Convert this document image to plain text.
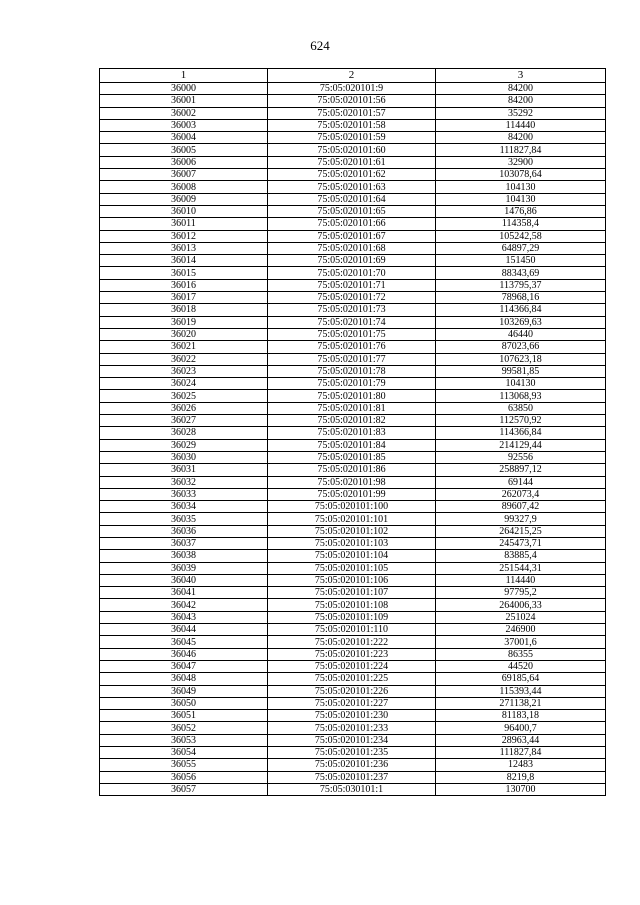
624
1	2	3
36000	75:05:020101:9	84200
36001	75:05:020101:56	84200
36002	75:05:020101:57	35292
36003	75:05:020101:58	114440
36004	75:05:020101:59	84200
36005	75:05:020101:60	111827,84
36006	75:05:020101:61	32900
36007	75:05:020101:62	103078,64
36008	75:05:020101:63	104130
36009	75:05:020101:64	104130
36010	75:05:020101:65	1476,86
36011	75:05:020101:66	114358,4
36012	75:05:020101:67	105242,58
36013	75:05:020101:68	64897,29
36014	75:05:020101:69	151450
36015	75:05:020101:70	88343,69
36016	75:05:020101:71	113795,37
36017	75:05:020101:72	78968,16
36018	75:05:020101:73	114366,84
36019	75:05:020101:74	103269,63
36020	75:05:020101:75	46440
36021	75:05:020101:76	87023,66
36022	75:05:020101:77	107623,18
36023	75:05:020101:78	99581,85
36024	75:05:020101:79	104130
36025	75:05:020101:80	113068,93
36026	75:05:020101:81	63850
36027	75:05:020101:82	112570,92
36028	75:05:020101:83	114366,84
36029	75:05:020101:84	214129,44
36030	75:05:020101:85	92556
36031	75:05:020101:86	258897,12
36032	75:05:020101:98	69144
36033	75:05:020101:99	262073,4
36034	75:05:020101:100	89607,42
36035	75:05:020101:101	99327,9
36036	75:05:020101:102	264215,25
36037	75:05:020101:103	245473,71
36038	75:05:020101:104	83885,4
36039	75:05:020101:105	251544,31
36040	75:05:020101:106	114440
36041	75:05:020101:107	97795,2
36042	75:05:020101:108	264006,33
36043	75:05:020101:109	251024
36044	75:05:020101:110	246900
36045	75:05:020101:222	37001,6
36046	75:05:020101:223	86355
36047	75:05:020101:224	44520
36048	75:05:020101:225	69185,64
36049	75:05:020101:226	115393,44
36050	75:05:020101:227	271138,21
36051	75:05:020101:230	81183,18
36052	75:05:020101:233	96400,7
36053	75:05:020101:234	28963,44
36054	75:05:020101:235	111827,84
36055	75:05:020101:236	12483
36056	75:05:020101:237	8219,8
36057	75:05:030101:1	130700
